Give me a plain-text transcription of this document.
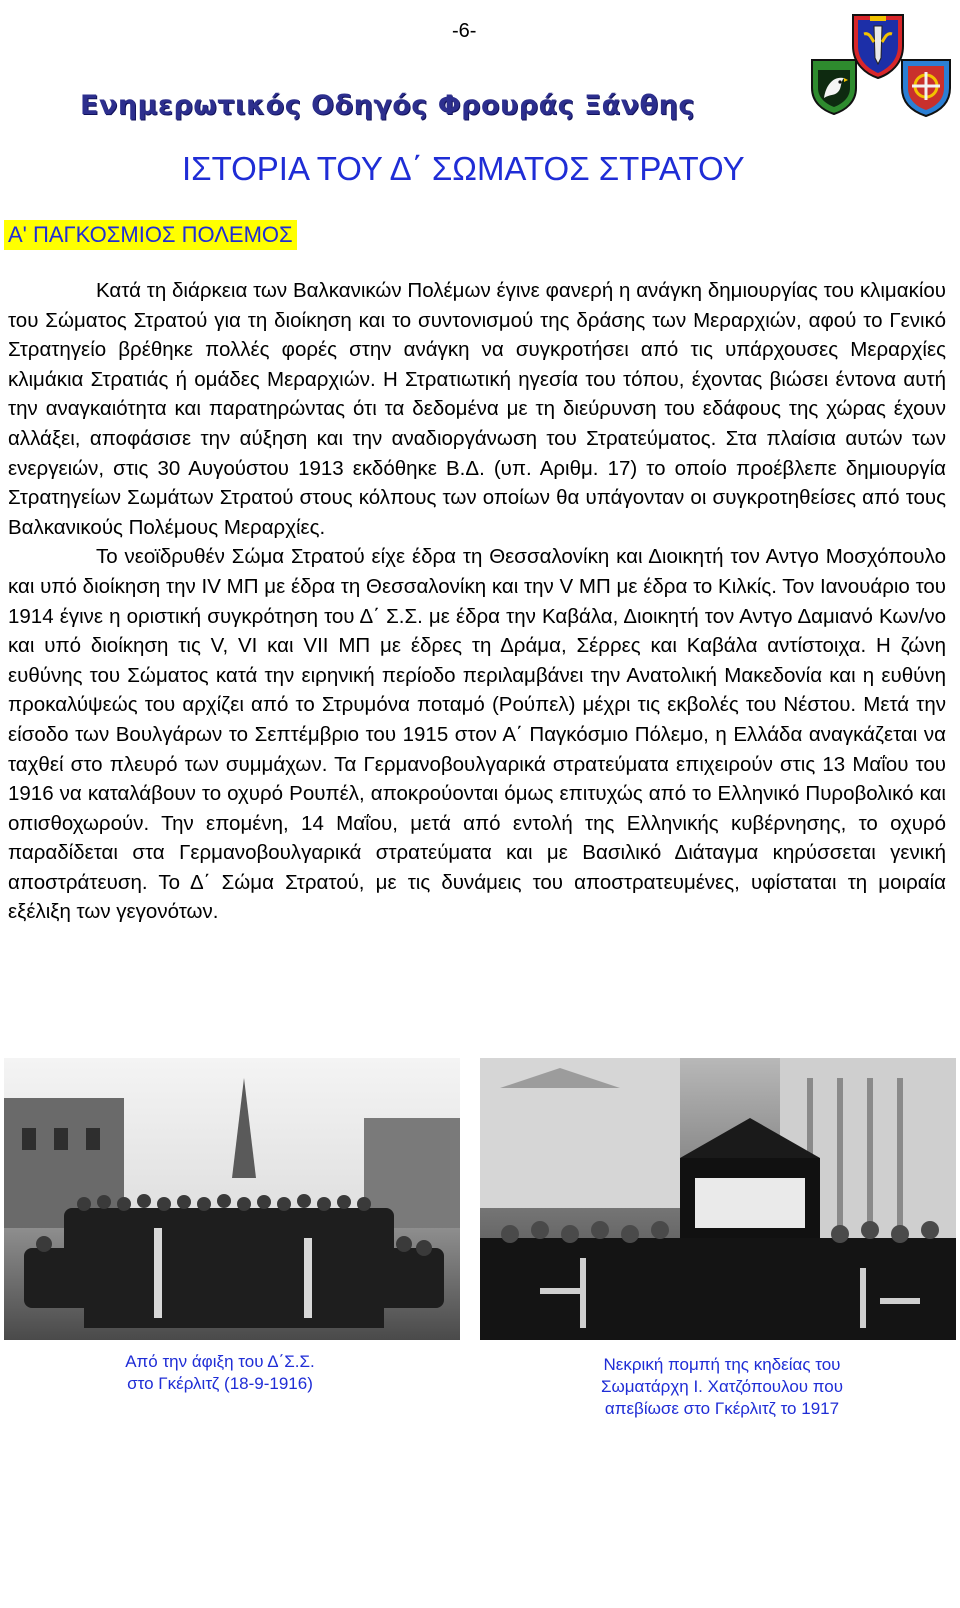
-6-
Ενημερωτικός Οδηγός Φρουράς Ξάνθης
ΙΣΤΟΡΙΑ ΤΟΥ Δ΄ ΣΩΜΑΤΟΣ ΣΤΡΑΤΟΥ
Α' ΠΑΓΚΟΣΜΙΟΣ ΠΟΛΕΜΟΣ

Κατά τη διάρκεια των Βαλκανικών Πολέμων έγινε φανερή η ανάγκη δημιουργίας του κλιμακίου του Σώματος Στρατού για τη διοίκηση και το συντονισμού της δράσης των Μεραρχιών, αφού το Γενικό Στρατηγείο βρέθηκε πολλές φορές στην ανάγκη να συγκροτήσει από τις υπάρχουσες Μεραρχίες κλιμάκια Στρατιάς ή ομάδες Μεραρχιών. Η Στρατιωτική ηγεσία του τόπου, έχοντας βιώσει έντονα αυτή την αναγκαιότητα και παρατηρώντας ότι τα δεδομένα με τη διεύρυνση του εδάφους της χώρας έχουν αλλάξει, αποφάσισε την αύξηση και την αναδιοργάνωση του Στρατεύματος. Στα πλαίσια αυτών των ενεργειών, στις 30 Αυγούστου 1913 εκδόθηκε Β.Δ. (υπ. Αριθμ. 17) το οποίο προέβλεπε δημιουργία Στρατηγείων Σωμάτων Στρατού στους κόλπους των οποίων θα υπάγονταν οι συγκροτηθείσες από τους Βαλκανικούς Πολέμους Μεραρχίες.

Το νεοϊδρυθέν Σώμα Στρατού είχε έδρα τη Θεσσαλονίκη και Διοικητή τον Αντγο Μοσχόπουλο και υπό διοίκηση την ΙV ΜΠ με έδρα τη Θεσσαλονίκη και την V ΜΠ με έδρα το Κιλκίς. Τον Ιανουάριο του 1914 έγινε η οριστική συγκρότηση του Δ΄ Σ.Σ. με έδρα την Καβάλα, Διοικητή τον Αντγο Δαμιανό Κων/νο και υπό διοίκηση τις V, VI και VII ΜΠ με έδρες τη Δράμα, Σέρρες και Καβάλα αντίστοιχα. Η ζώνη ευθύνης του Σώματος κατά την ειρηνική περίοδο περιλαμβάνει την Ανατολική Μακεδονία και η ευθύνη προκαλύψεώς του αρχίζει από το Στρυμόνα ποταμό (Ρούπελ) μέχρι τις εκβολές του Νέστου. Μετά την είσοδο των Βουλγάρων το Σεπτέμβριο του 1915 στον Α΄ Παγκόσμιο Πόλεμο, η Ελλάδα αναγκάζεται να ταχθεί στο πλευρό των συμμάχων. Τα Γερμανοβουλγαρικά στρατεύματα επιχειρούν στις 13 Μαΐου του 1916 να καταλάβουν το οχυρό Ρουπέλ, αποκρούονται όμως επιτυχώς από το Ελληνικό Πυροβολικό και οπισθοχωρούν. Την επομένη, 14 Μαΐου, μετά από εντολή της Ελληνικής κυβέρνησης, το οχυρό παραδίδεται στα Γερμανοβουλγαρικά στρατεύματα και με Βασιλικό Διάταγμα κηρύσσεται γενική αποστράτευση. Το Δ΄ Σώμα Στρατού, με τις δυνάμεις του αποστρατευμένες, υφίσταται τη μοιραία εξέλιξη των γεγονότων.

Από την άφιξη του Δ΄Σ.Σ.
στο Γκέρλιτζ (18-9-1916)
Νεκρική πομπή της κηδείας του
Σωματάρχη Ι. Χατζόπουλου που
απεβίωσε στο Γκέρλιτζ το 1917
